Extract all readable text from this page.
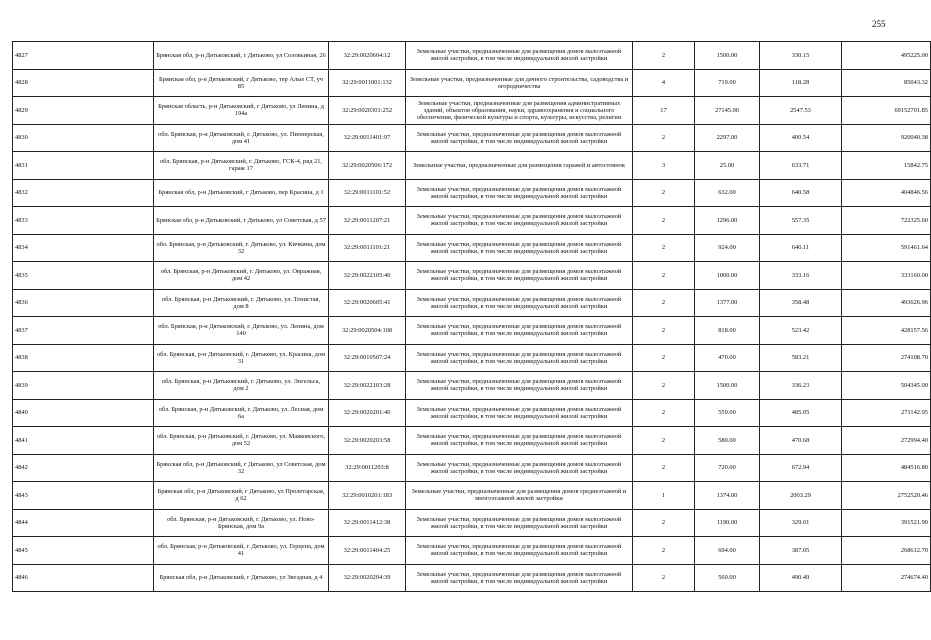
255
4827	Брянская обл, р-н Дятьковский, г Дятьково, ул Соловьиная, 26	32:29:0020604:12	Земельные участки, предназначенные для размещения домов малоэтажной жилой застройки, в том числе индивидуальной жилой застройки	2	1500.00	330.15	495225.00
4828	Брянская обл, р-н Дятьковский, г Дятьково, тер Алые СТ, уч 85	32:29:0011001:132	Земельные участки, предназначенные для дачного строительства, садоводства и огородничества	4	719.00	118.28	85043.32
4829	Брянская область, р-н Дятьковский, г Дятьково, ул Ленина, д 194а	32:29:0020301:252	Земельные участки, предназначенные для размещения административных зданий, объектов образования, науки, здравоохранения и социального обеспечения, физической культуры и спорта, культуры, искусства, религии	17	27145.00	2547.53	69152701.85
4830	обл. Брянская, р-н Дятьковский, г. Дятьково, ул. Пионерская, дом 41	32:29:0011401:97	Земельные участки, предназначенные для размещения домов малоэтажной жилой застройки, в том числе индивидуальной жилой застройки	2	2297.00	400.54	920040.38
4831	обл. Брянская, р-н Дятьковский, г. Дятьково, ГСК-4, ряд 21, гараж 17	32:29:0020506:172	Земельные участки, предназначенные для размещения гаражей и автостоянок	3	25.00	633.71	15842.75
4832	Брянская обл, р-н Дятьковский, г Дятьково, пер Красина, д 1	32:29:0011101:52	Земельные участки, предназначенные для размещения домов малоэтажной жилой застройки, в том числе индивидуальной жилой застройки	2	632.00	640.58	404846.56
4833	Брянская обл, р-н Дятьковский, г Дятьково, ул Советская, д 57	32:29:0011207:21	Земельные участки, предназначенные для размещения домов малоэтажной жилой застройки, в том числе индивидуальной жилой застройки	2	1296.00	557.35	722325.60
4834	обл. Брянская, р-н Дятьковский, г. Дятьково, ул. Кичкина, дом 32	32:29:0011101:21	Земельные участки, предназначенные для размещения домов малоэтажной жилой застройки, в том числе индивидуальной жилой застройки	2	924.00	640.11	591461.64
4835	обл. Брянская, р-н Дятьковский, г. Дятьково, ул. Овражная, дом 42	32:29:0022105:40	Земельные участки, предназначенные для размещения домов малоэтажной жилой застройки, в том числе индивидуальной жилой застройки	2	1000.00	333.16	333160.00
4836	обл. Брянская, р-н Дятьковский, г. Дятьково, ул. Тенистая, дом 8	32:29:0020605:41	Земельные участки, предназначенные для размещения домов малоэтажной жилой застройки, в том числе индивидуальной жилой застройки	2	1377.00	358.48	493626.96
4837	обл. Брянская, р-н Дятьковский, г. Дятьково, ул. Ленина, дом 140	32:29:0020504:108	Земельные участки, предназначенные для размещения домов малоэтажной жилой застройки, в том числе индивидуальной жилой застройки	2	818.00	523.42	428157.56
4838	обл. Брянская, р-н Дятьковский, г. Дятьково, ул. Красина, дом 31	32:29:0010507:24	Земельные участки, предназначенные для размещения домов малоэтажной жилой застройки, в том числе индивидуальной жилой застройки	2	470.00	583.21	274108.70
4839	обл. Брянская, р-н Дятьковский, г. Дятьково, ул. Энгельса, дом 2	32:29:0022103:28	Земельные участки, предназначенные для размещения домов малоэтажной жилой застройки, в том числе индивидуальной жилой застройки	2	1500.00	336.23	504345.00
4840	обл. Брянская, р-н Дятьковский, г. Дятьково, ул. Лесная, дом 6а	32:29:0020201:40	Земельные участки, предназначенные для размещения домов малоэтажной жилой застройки, в том числе индивидуальной жилой застройки	2	559.00	485.05	271142.95
4841	обл. Брянская, р-н Дятьковский, г. Дятьково, ул. Маяковского, дом 52	32:29:0020203:58	Земельные участки, предназначенные для размещения домов малоэтажной жилой застройки, в том числе индивидуальной жилой застройки	2	580.00	470.68	272994.40
4842	Брянская обл, р-н Дятьковский, г Дятьково, ул Советская, дом 32	32:29:0011203:8	Земельные участки, предназначенные для размещения домов малоэтажной жилой застройки, в том числе индивидуальной жилой застройки	2	720.00	672.94	484516.80
4843	Брянская обл, р-н Дятьковский, г Дятьково, ул Пролетарская, д 62	32:29:0010201:183	Земельные участки, предназначенные для размещения домов среднеэтажной и многоэтажной жилой застройки	1	1374.00	2003.29	2752520.46
4844	обл. Брянская, р-н Дятьковский, г. Дятьково, ул. Ново-Брянская, дом 9а	32:29:0011412:38	Земельные участки, предназначенные для размещения домов малоэтажной жилой застройки, в том числе индивидуальной жилой застройки	2	1190.00	329.01	391521.90
4845	обл. Брянская, р-н Дятьковский, г. Дятьково, ул. Герцена, дом 41	32:29:0011404:25	Земельные участки, предназначенные для размещения домов малоэтажной жилой застройки, в том числе индивидуальной жилой застройки	2	694.00	387.05	268612.70
4846	Брянская обл, р-н Дятьковский, г Дятьково, ул Звездная, д 4	32:29:0020204:39	Земельные участки, предназначенные для размещения домов малоэтажной жилой застройки, в том числе индивидуальной жилой застройки	2	560.00	490.49	274674.40
